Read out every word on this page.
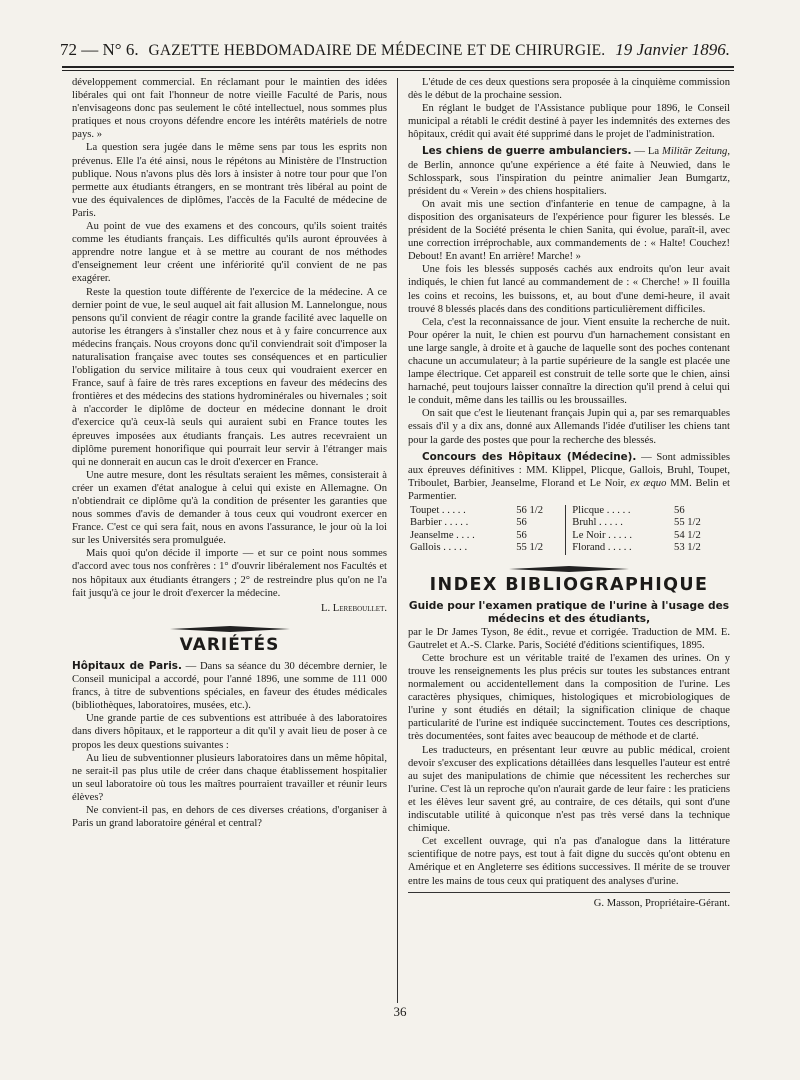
72 — N° 6. GAZETTE HEBDOMADAIRE DE MÉDECINE ET DE CHIRURGIE. 19 Janvier 1896.

développement commercial. En réclamant pour le maintien des idées libérales qui ont fait l'honneur de notre vieille Faculté de Paris, nous n'envisageons donc pas seulement le côté intellectuel, nous sommes plus pratiques et nous croyons défendre encore les intérêts matériels de notre pays. »

La question sera jugée dans le même sens par tous les esprits non prévenus. Elle l'a été ainsi, nous le répétons au Ministère de l'Instruction publique. Nous n'avons plus dès lors à insister à notre tour pour que l'on permette aux étudiants étrangers, en se montrant très libéral au point de vue des équivalences de diplômes, l'accès de la Faculté de médecine de Paris.

Au point de vue des examens et des concours, qu'ils soient traités comme les étudiants français. Les difficultés qu'ils auront éprouvées à apprendre notre langue et à se mettre au courant de nos méthodes d'enseignement leur créent une infériorité qu'il convient de ne pas exagérer.

Reste la question toute différente de l'exercice de la médecine. A ce dernier point de vue, le seul auquel ait fait allusion M. Lannelongue, nous pensons qu'il convient de réagir contre la grande facilité avec laquelle on autorise les étrangers à s'installer chez nous et à y faire concurrence aux médecins français. Nous croyons donc qu'il conviendrait soit d'imposer la naturalisation française avec toutes ses conséquences et en particulier l'obligation du service militaire à tous ceux qui voudraient exercer en France, sauf à faire de très rares exceptions en faveur des médecins des frontières et des médecins des stations hydrominérales ou hivernales ; soit à n'accorder le diplôme de docteur en médecine donnant le droit d'exercice qu'à ceux-là seuls qui auraient subi en France toutes les épreuves imposées aux étudiants français. Les autres recevraient un diplôme purement honorifique qui pourrait leur servir à l'étranger mais qui ne donnerait en aucun cas le droit d'exercer en France.

Une autre mesure, dont les résultats seraient les mêmes, consisterait à créer un examen d'état analogue à celui qui existe en Allemagne. On n'obtiendrait ce diplôme qu'à la condition de présenter les garanties que nous sommes d'avis de demander à tous ceux qui voudront exercer en France. C'est ce qui sera fait, nous en avons l'assurance, le jour où la loi sur les Universités sera promulguée.

Mais quoi qu'on décide il importe — et sur ce point nous sommes d'accord avec tous nos confrères : 1° d'ouvrir libéralement nos Facultés et nos hôpitaux aux étudiants étrangers ; 2° de restreindre plus qu'on ne l'a fait jusqu'à ce jour le droit d'exercer la médecine.

L. Lereboullet.

VARIÉTÉS

Hôpitaux de Paris. — Dans sa séance du 30 décembre dernier, le Conseil municipal a accordé, pour l'anné 1896, une somme de 111 000 francs, à titre de subventions spéciales, en faveur des études médicales (bibliothèques, laboratoires, musées, etc.).

Une grande partie de ces subventions est attribuée à des laboratoires dans divers hôpitaux, et le rapporteur a dit qu'il y avait lieu de poser à ce propos les deux questions suivantes :

Au lieu de subventionner plusieurs laboratoires dans un même hôpital, ne serait-il pas plus utile de créer dans chaque établissement hospitalier un seul laboratoire où tous les maîtres pourraient travailler et réunir leurs élèves?

Ne convient-il pas, en dehors de ces diverses créations, d'organiser à Paris un grand laboratoire général et central?

L'étude de ces deux questions sera proposée à la cinquième commission dès le début de la prochaine session.

En réglant le budget de l'Assistance publique pour 1896, le Conseil municipal a rétabli le crédit destiné à payer les indemnités des externes des hôpitaux, crédit qui avait été supprimé dans le projet de l'administration.

Les chiens de guerre ambulanciers. — La Militär Zeitung, de Berlin, annonce qu'une expérience a été faite à Neuwied, dans le Schlosspark, sous l'inspiration du peintre animalier Jean Bumgartz, président du « Verein » des chiens hospitaliers.

On avait mis une section d'infanterie en tenue de campagne, à la disposition des organisateurs de l'expérience pour figurer les blessés. Le président de la Société présenta le chien Sanita, qui évolue, paraît-il, avec une correction irréprochable, aux commandements de : « Halte! Couchez! Debout! En avant! En arrière! Marche! »

Une fois les blessés supposés cachés aux endroits qu'on leur avait indiqués, le chien fut lancé au commandement de : « Cherche! » Il fouilla les coins et recoins, les buissons, et, au bout d'une demi-heure, il avait trouvé 8 blessés placés dans des conditions particulièrement difficiles.

Cela, c'est la reconnaissance de jour. Vient ensuite la recherche de nuit. Pour opérer la nuit, le chien est pourvu d'un harnachement consistant en une large sangle, à droite et à gauche de laquelle sont des poches contenant chacune un accumulateur; à la partie supérieure de la sangle est placée une lampe électrique. Cet appareil est construit de telle sorte que le chien, ainsi harnaché, peut toujours laisser connaître la direction qu'il prend à celui qui le conduit, même dans les taillis ou les broussailles.

On sait que c'est le lieutenant français Jupin qui a, par ses remarquables essais d'il y a dix ans, donné aux Allemands l'idée d'utiliser les chiens tant pour la garde des postes que pour la recherche des blessés.

Concours des Hôpitaux (Médecine). — Sont admissibles aux épreuves définitives : MM. Klippel, Plicque, Gallois, Bruhl, Toupet, Triboulet, Barbier, Jeanselme, Florand et Le Noir, ex æquo MM. Belin et Parmentier.

Toupet . . . . .	56 1/2	Plicque . . . . .	56
Barbier . . . . .	56	Bruhl . . . . .	55 1/2
Jeanselme . . . .	56	Le Noir . . . . .	54 1/2
Gallois . . . . .	55 1/2	Florand . . . . .	53 1/2
INDEX BIBLIOGRAPHIQUE
Guide pour l'examen pratique de l'urine à l'usage des médecins et des étudiants,

par le Dr James Tyson, 8e édit., revue et corrigée. Traduction de MM. E. Gautrelet et A.-S. Clarke. Paris, Société d'éditions scientifiques, 1895.

Cette brochure est un véritable traité de l'examen des urines. On y trouve les renseignements les plus précis sur toutes les substances entrant normalement ou accidentellement dans la composition de l'urine. Les caractères physiques, chimiques, histologiques et microbiologiques de l'urine y sont étudiés en détail; la signification clinique de chaque particularité de l'urine est indiquée succinctement. Toutes ces descriptions, très documentées, sont faites avec beaucoup de méthode et de clarté.

Les traducteurs, en présentant leur œuvre au public médical, croient devoir s'excuser des explications détaillées dans lesquelles l'auteur est entré au sujet des manipulations de chimie que nécessitent les recherches sur l'urine. C'est là un reproche qu'on n'aurait garde de leur faire : les praticiens et les élèves leur savent gré, au contraire, de ces détails, qui sont d'une indiscutable utilité à quiconque n'est pas très versé dans la technique chimique.

Cet excellent ouvrage, qui n'a pas d'analogue dans la littérature scientifique de notre pays, est tout à fait digne du succès qu'ont obtenu en Amérique et en Angleterre ses éditions successives. Il mérite de se trouver entre les mains de tous ceux qui pratiquent des analyses d'urine.

G. Masson, Propriétaire-Gérant.

36
